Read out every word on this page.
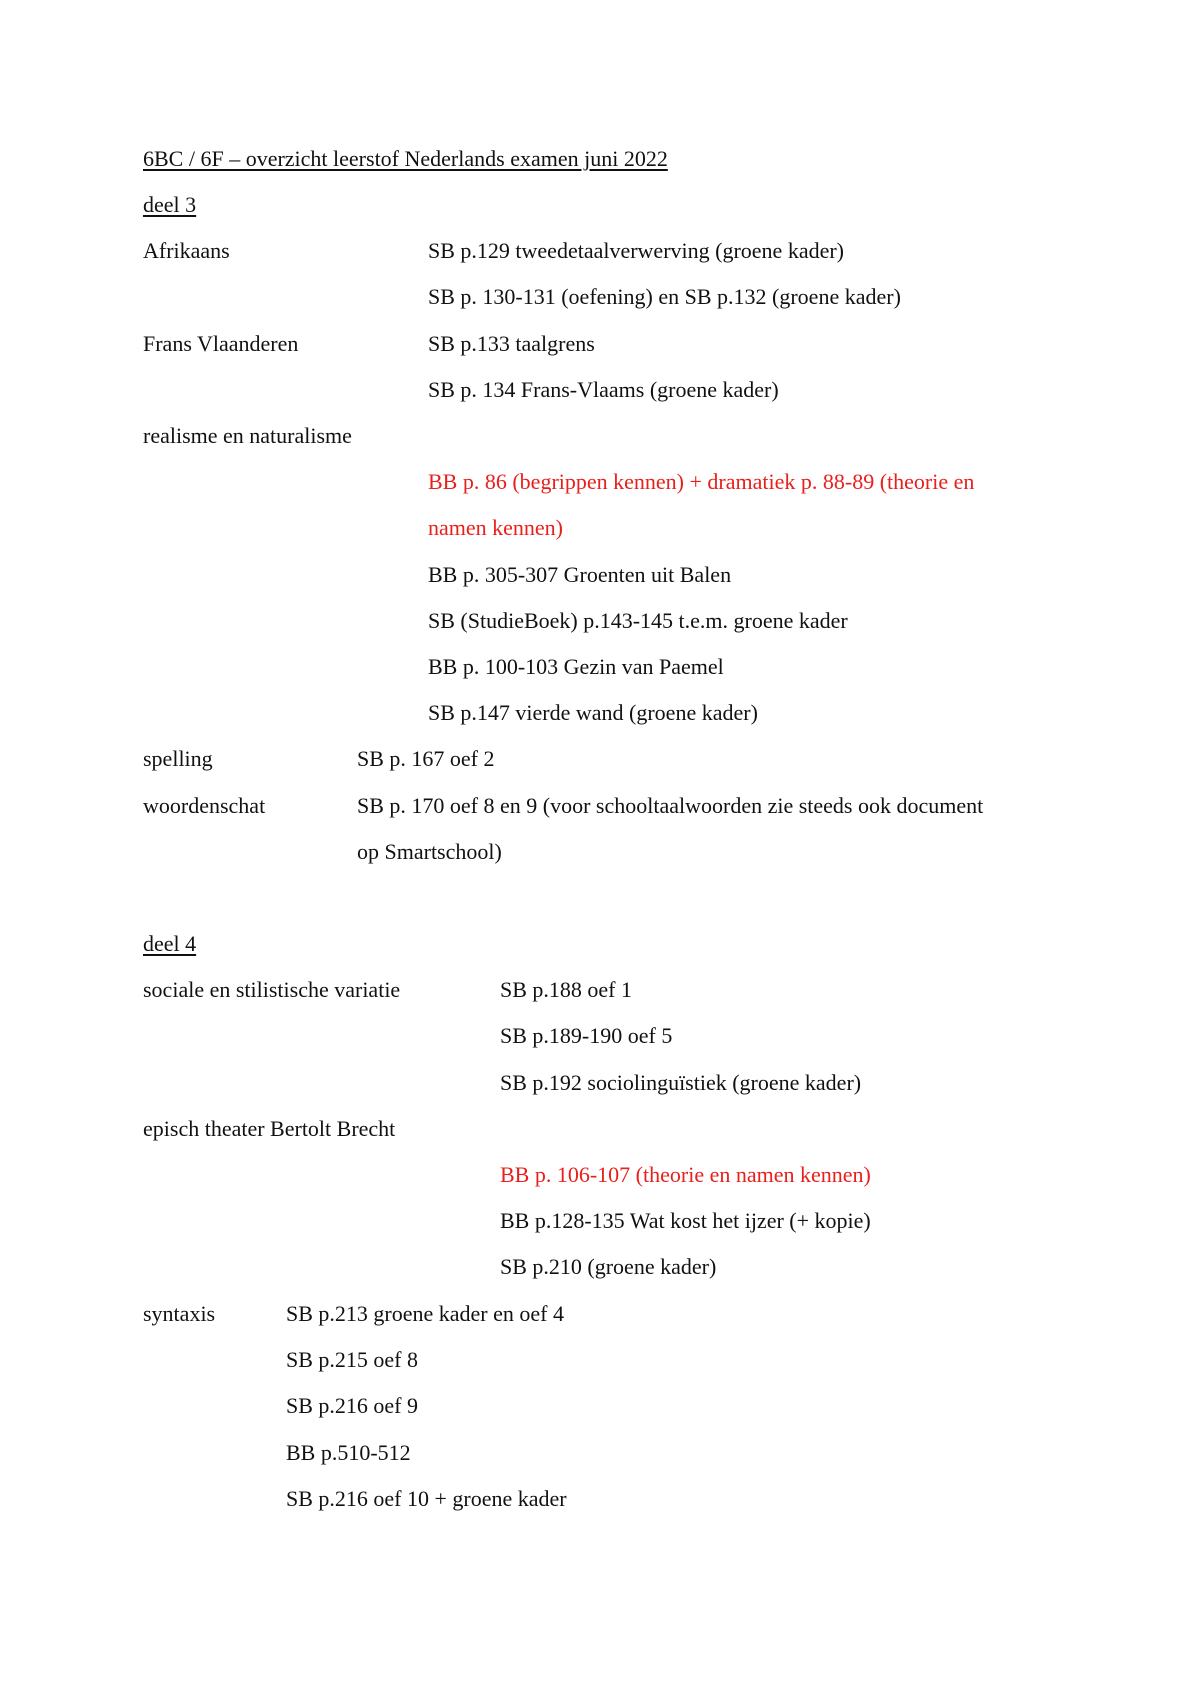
6BC / 6F – overzicht leerstof Nederlands examen juni 2022
deel 3
Afrikaans	SB p.129 tweedetaalverwerving (groene kader)
SB p. 130-131 (oefening) en SB p.132 (groene kader)
Frans Vlaanderen	SB p.133 taalgrens
SB p. 134 Frans-Vlaams (groene kader)
realisme en naturalisme
BB p. 86 (begrippen kennen) + dramatiek p. 88-89 (theorie en
namen kennen)
BB p. 305-307 Groenten uit Balen
SB (StudieBoek) p.143-145 t.e.m. groene kader
BB p. 100-103 Gezin van Paemel
SB p.147 vierde wand (groene kader)
spelling	SB p. 167 oef 2
woordenschat	SB p. 170 oef 8 en 9 (voor schooltaalwoorden zie steeds ook document
op Smartschool)
deel 4
sociale en stilistische variatie	SB p.188 oef 1
SB p.189-190 oef 5
SB p.192 sociolinguïstiek (groene kader)
episch theater Bertolt Brecht
BB p. 106-107 (theorie en namen kennen)
BB p.128-135 Wat kost het ijzer (+ kopie)
SB p.210 (groene kader)
syntaxis	SB p.213 groene kader en oef 4
SB p.215 oef 8
SB p.216 oef 9
BB p.510-512
SB p.216 oef 10 + groene kader
